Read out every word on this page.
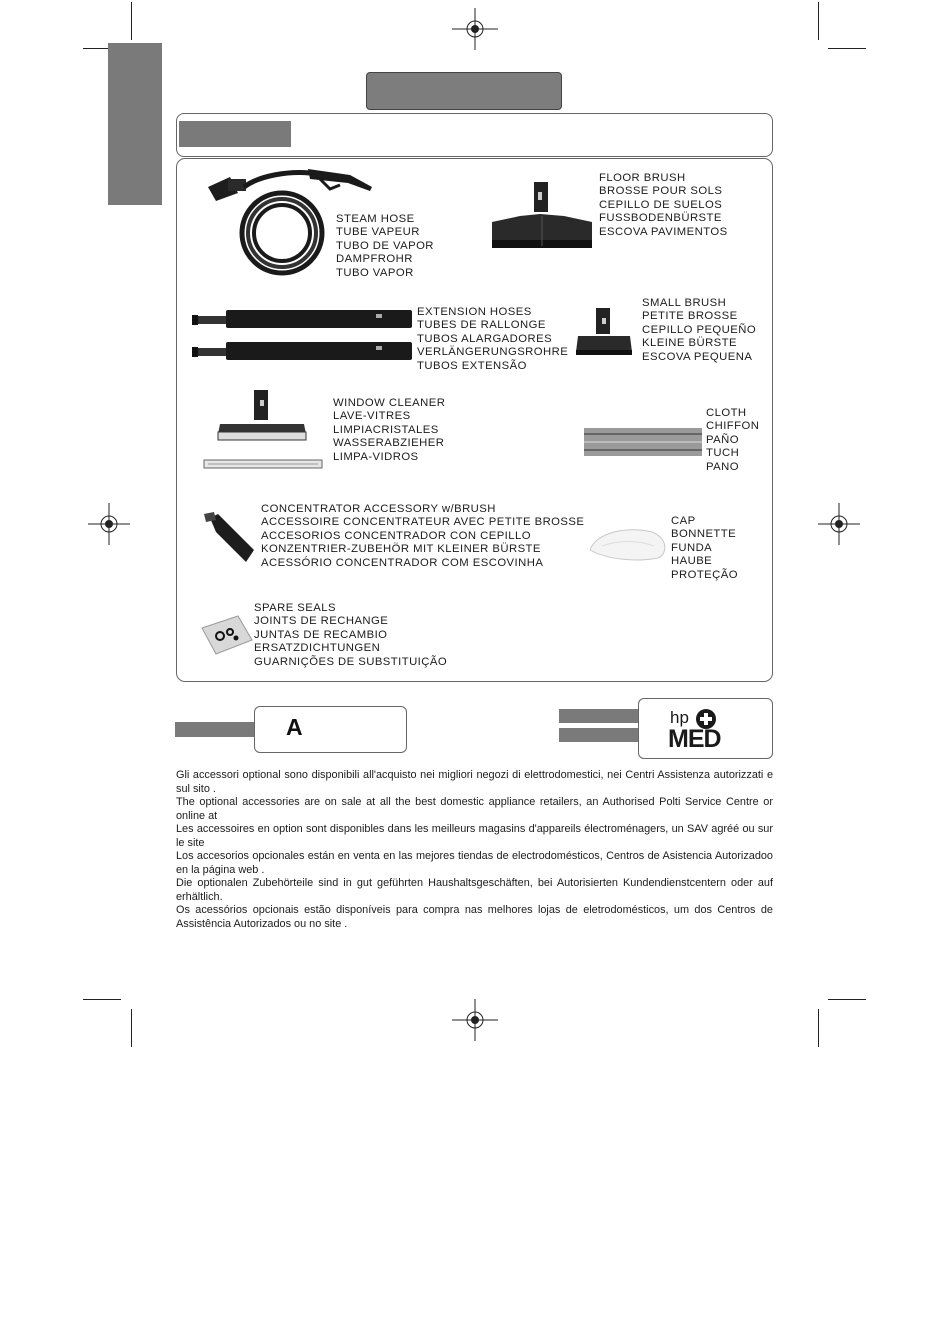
STEAM HOSE
TUBE VAPEUR
TUBO DE VAPOR
DAMPFROHR
TUBO VAPOR
FLOOR BRUSH
BROSSE POUR SOLS
CEPILLO DE SUELOS
FUSSBODENBÜRSTE
ESCOVA PAVIMENTOS
EXTENSION HOSES
TUBES DE RALLONGE
TUBOS ALARGADORES
VERLÄNGERUNGSROHRE
TUBOS EXTENSÃO
SMALL BRUSH
PETITE BROSSE
CEPILLO PEQUEÑO
KLEINE BÜRSTE
ESCOVA PEQUENA
WINDOW CLEANER
LAVE-VITRES
LIMPIACRISTALES
WASSERABZIEHER
LIMPA-VIDROS
CLOTH
CHIFFON
PAÑO
TUCH
PANO
CONCENTRATOR ACCESSORY w/BRUSH
ACCESSOIRE CONCENTRATEUR AVEC PETITE BROSSE
ACCESORIOS CONCENTRADOR CON CEPILLO
KONZENTRIER-ZUBEHÖR MIT KLEINER BÜRSTE
ACESSÓRIO CONCENTRADOR COM ESCOVINHA
CAP
BONNETTE
FUNDA
HAUBE
PROTEÇÃO
SPARE SEALS
JOINTS DE RECHANGE
JUNTAS DE RECAMBIO
ERSATZDICHTUNGEN
GUARNIÇÕES DE SUBSTITUIÇÃO
A	hp
MED

Gli accessori optional sono disponibili all'acquisto nei migliori negozi di elettrodomestici, nei Centri Assistenza autorizzati e sul sito .

The optional accessories are on sale at all the best domestic appliance retailers, an Authorised Polti Service Centre or online at

Les accessoires en option sont disponibles dans les meilleurs magasins d'appareils électroménagers, un SAV agréé ou sur le site

Los accesorios opcionales están en venta en las mejores tiendas de electrodomésticos, Centros de Asistencia Autorizadoo en la página web .

Die optionalen Zubehörteile sind in gut geführten Haushaltsgeschäften, bei Autorisierten Kundendienstcentern oder auf erhältlich.

Os acessórios opcionais estão disponíveis para compra nas melhores lojas de eletrodomésticos, um dos Centros de Assistência Autorizados ou no site .
